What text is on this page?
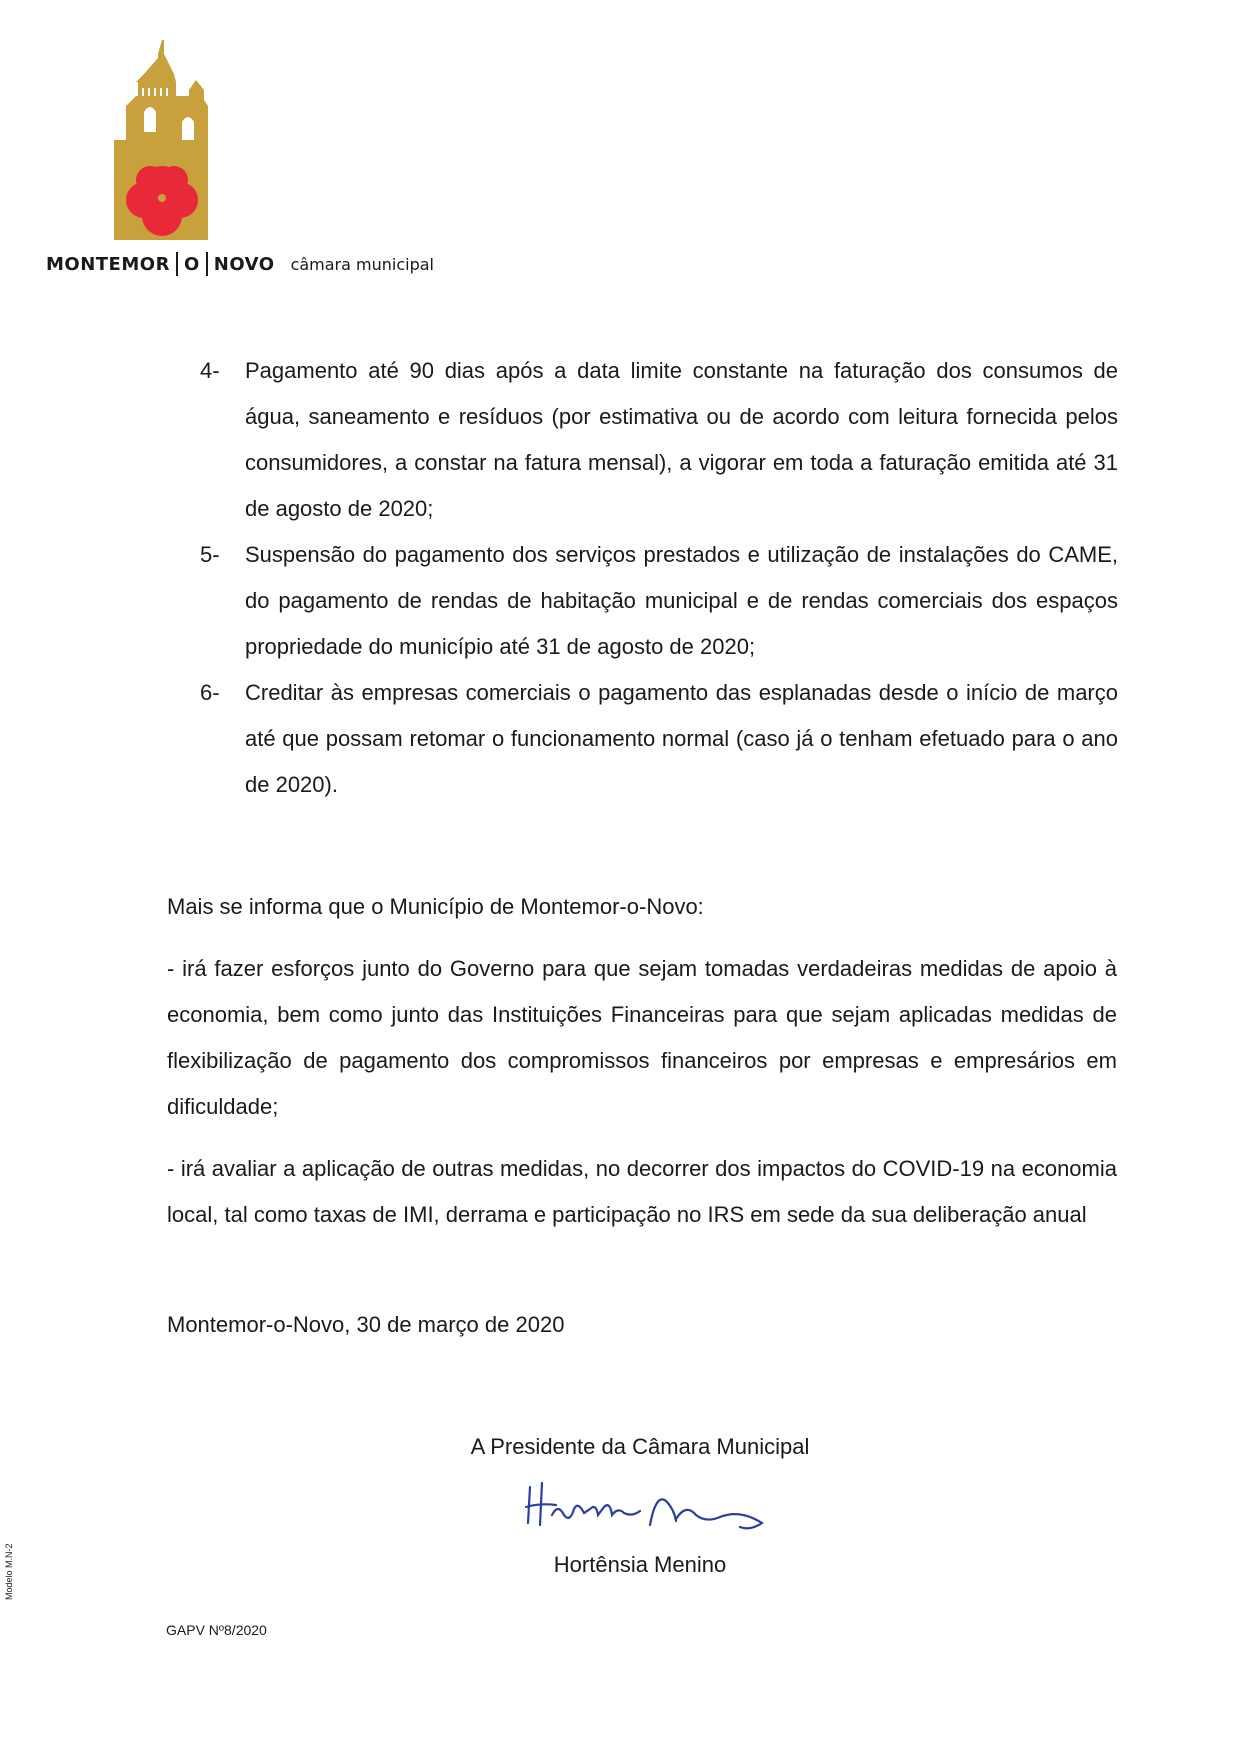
MONTEMOR O NOVO câmara municipal
4-	Pagamento até 90 dias após a data limite constante na faturação dos consumos de água, saneamento e resíduos (por estimativa ou de acordo com leitura fornecida pelos consumidores, a constar na fatura mensal), a vigorar em toda a faturação emitida até 31 de agosto de 2020;
5-	Suspensão do pagamento dos serviços prestados e utilização de instalações do CAME, do pagamento de rendas de habitação municipal e de rendas comerciais dos espaços propriedade do município até 31 de agosto de 2020;
6-	Creditar às empresas comerciais o pagamento das esplanadas desde o início de março até que possam retomar o funcionamento normal (caso já o tenham efetuado para o ano de 2020).

Mais se informa que o Município de Montemor-o-Novo:

- irá fazer esforços junto do Governo para que sejam tomadas verdadeiras medidas de apoio à economia, bem como junto das Instituições Financeiras para que sejam aplicadas medidas de flexibilização de pagamento dos compromissos financeiros por empresas e empresários em dificuldade;

- irá avaliar a aplicação de outras medidas, no decorrer dos impactos do COVID-19 na economia local, tal como taxas de IMI, derrama e participação no IRS em sede da sua deliberação anual

Montemor-o-Novo, 30 de março de 2020

A Presidente da Câmara Municipal
Hortênsia Menino
GAPV Nº8/2020
Modelo M.N-2
